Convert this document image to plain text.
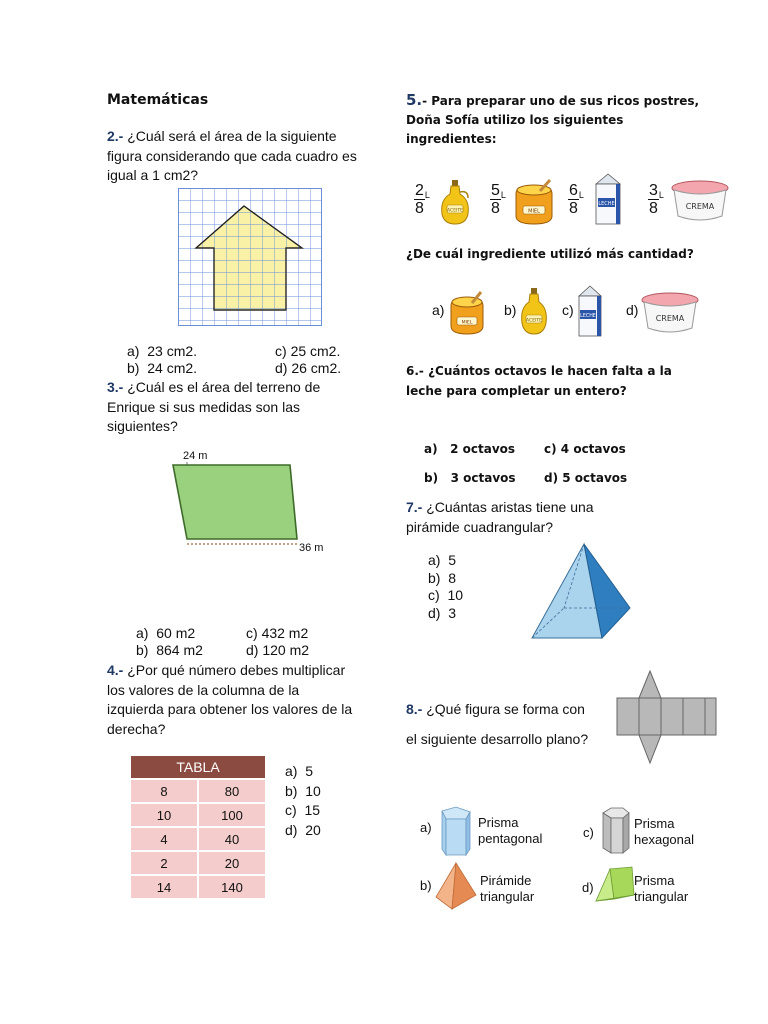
Matemáticas
2.- ¿Cuál será el área de la siguiente figura considerando que cada cuadro es igual a 1 cm2?
a) 23 cm2.
b) 24 cm2.
c) 25 cm2.
d) 26 cm2.
3.- ¿Cuál es el área del terreno de Enrique si sus medidas son las siguientes?
24 m
36 m
a) 60 m2
b) 864 m2
c) 432 m2
d) 120 m2
4.- ¿Por qué número debes multiplicar los valores de la columna de la izquierda para obtener los valores de la derecha?
TABLA	
8	80
10	100
4	40
2	20
14	140
a) 5
b) 10
c) 15
d) 20
5.- Para preparar uno de sus ricos postres,
Doña Sofía utilizo los siguientes
ingredientes:
$\frac{2}{8} ^L$
ACEITE $\frac{5}{8} ^L$
MIEL $\frac{6}{8} ^L$
LECHE $\frac{3}{8} ^L$
CREMA
¿De cuál ingrediente utilizó más cantidad?
a)
MIEL
b)
ACEITE
c) LECHE d)
CREMA
6.- ¿Cuántos octavos le hacen falta a la
leche para completar un entero?
a) 2 octavos c) 4 octavos
b) 3 octavos d) 5 octavos
7.- ¿Cuántas aristas tiene una pirámide cuadrangular?
a) 5
b) 8
c) 10
d) 3
8.- ¿Qué figura se forma con
el siguiente desarrollo plano?
a)	Prisma
pentagonal	c)
Prisma
hexagonal
b)	Pirámide
triangular
d)	Prisma
triangular
